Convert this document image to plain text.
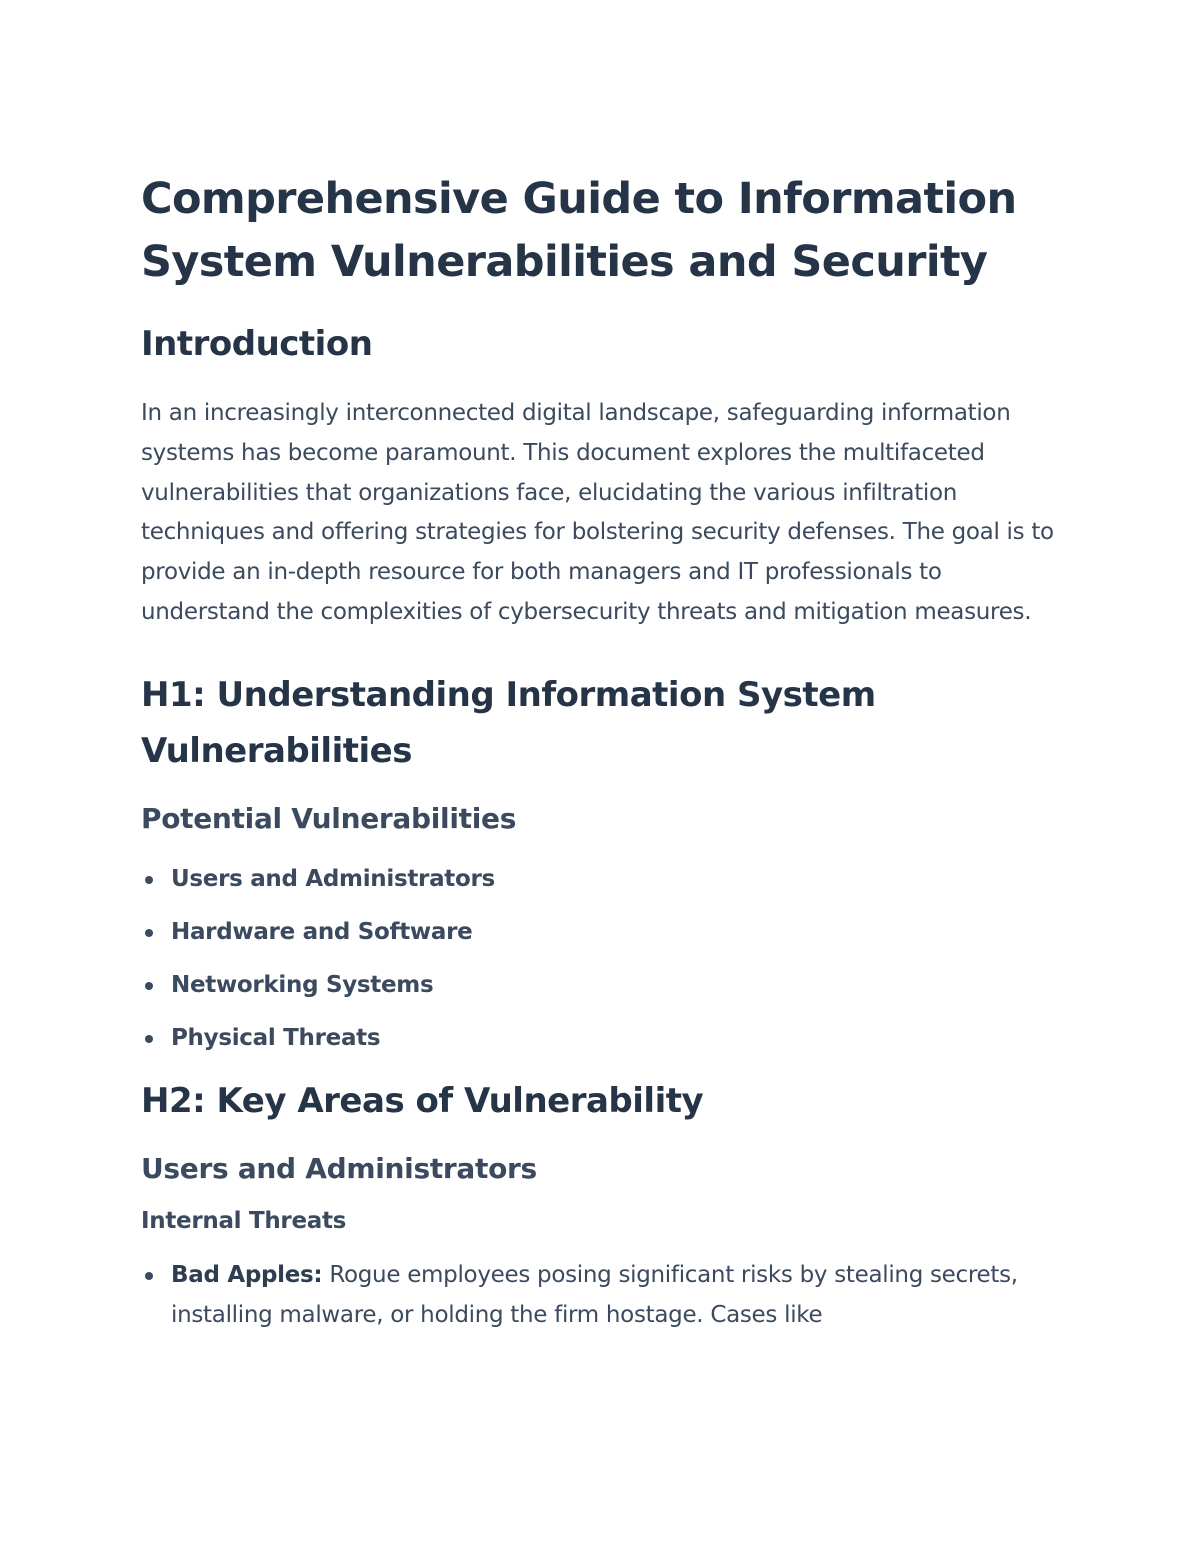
Comprehensive Guide to Information System Vulnerabilities and Security
Introduction

In an increasingly interconnected digital landscape, safeguarding information systems has become paramount. This document explores the multifaceted vulnerabilities that organizations face, elucidating the various infiltration techniques and offering strategies for bolstering security defenses. The goal is to provide an in-depth resource for both managers and IT professionals to understand the complexities of cybersecurity threats and mitigation measures.

H1: Understanding Information System Vulnerabilities
Potential Vulnerabilities
Users and Administrators
Hardware and Software
Networking Systems
Physical Threats
H2: Key Areas of Vulnerability
Users and Administrators
Internal Threats
Bad Apples: Rogue employees posing significant risks by stealing secrets, installing malware, or holding the firm hostage. Cases like
